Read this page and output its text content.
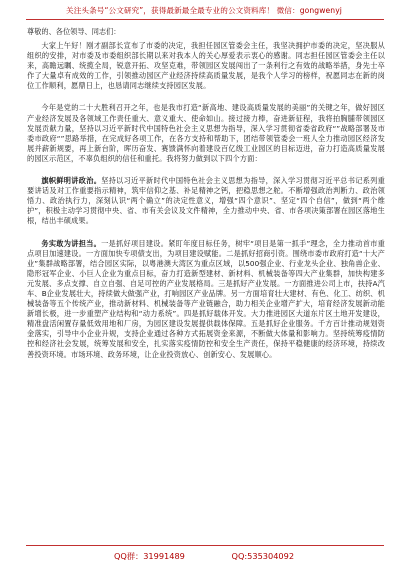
关注头条号“公文研究”，获得最新最全最专业的公文资料库！ 微信：gongwenyj
尊敬的、各位领导、同志们：

大家上午好！刚才副部长宣布了市委的决定，我担任园区管委会主任，我坚决拥护市委的决定，坚决服从组织的安排，对市委及市委组织部长期以来对我本人的关心厚爱表示衷心的感谢。同志担任园区管委会主任以来，高瞻远瞩、统揽全局，锐意开拓、攻坚克难，带领园区发展闯出了一条利行之有效的战略举措，身先士卒作了大量卓有成效的工作，引领推动园区产业经济持续高质量发展，是我个人学习的榜样，祝愿同志在新的岗位工作顺利，愿鼎日上，也恳请同志继续支持园区发展。

今年是党的二十大胜利召开之年，也是我市打造“新高地、建设高质量发展的美丽”的关键之年，做好园区产业经济发展及各领域工作责任重大、意义重大、使命如山。接过接力棒，奋进新征程，我将拍胸脯带领园区发展贡献力量，坚持以习近平新时代中国特色社会主义思想为指导，深入学习贯彻省委省政府“”战略部署及市委市政府“”思路举措，在完成好各项工作，在各方支持和帮助下，团结带领管委会一班人全力推动园区经济发展并薪新规要，再上新台阶，晖历奋发、赛馈满怀向着建设百亿级工业园区的目标迈进，奋力打造高质量发展的园区示范区，不辜负组织的信任和重托。我将努力做到以下四个方面：

旗帜鲜明讲政治。坚持以习近平新时代中国特色社会主义思想为指导，深入学习贯彻习近平总书记系列重要讲话及对工作重要指示精神，筑牢信仰之基、补足精神之钙，把稳思想之舵。不断增强政治判断力、政治领悟力、政治执行力，深刻认识“两个确立”的决定性意义，增强“四个意识”、坚定“四个自信”，做到“两个维护”，积极主动学习贯彻中央、省、市有关会议及文件精神，全力推动中央、省、市各项决策部署在园区落地生根，结出丰硕成果。

务实敢为讲担当。一是抓好项目建设。紧盯年度目标任务，树牢“项目是第一抓手”理念，全力推动首市重点项目加速建设。一方面加快专项债支出，为项目建设赋能。二是抓好招商引资。围绕市委市政府打造“十大产业”集群战略部署，结合园区实际，以粤港澳大湾区为重点区域，以500强企业、行业龙头企业、独角兽企业、隐形冠军企业、小巨人企业为重点目标，奋力打造新型建材、新材料、机械装备等四大产业集群，加快构建多元发展、多点支撑、自立自强、自足可控的产业发展格局。三是抓好产业发展。一方面推进公司上市，扶持A汽车、B企业发展壮大，持续做大做强产业，打响园区产业品牌。另一方面培育壮大建材、有色、化工、纺织、机械装备等五个传统产业，推动新材料、机械装备等产业链融合，助力相关企业增产扩大，培育经济发展新动能新增长极，进一步重塑产业结构和“动力系统”。四是抓好载体开发。大力推进园区大道东片区土地开发建设，精准盘活闲置存量低效用地和厂房，为园区建设发展提供载体保障。五是抓好企业服务。千方百计推动规划资金落实，引导中小企业升规，支持企业通过各种方式拓展资金来源，不断做大体量和影响力。坚持统筹疫情防控和经济社会发展，统筹发展和安全，扎实落实疫情防控和安全生产责任，保持平稳健康的经济环境，持续改善投资环境。市场环境、政务环境，让企业投资放心、创新安心、发展顺心。

QQ群：31991489	QQ:535304092
